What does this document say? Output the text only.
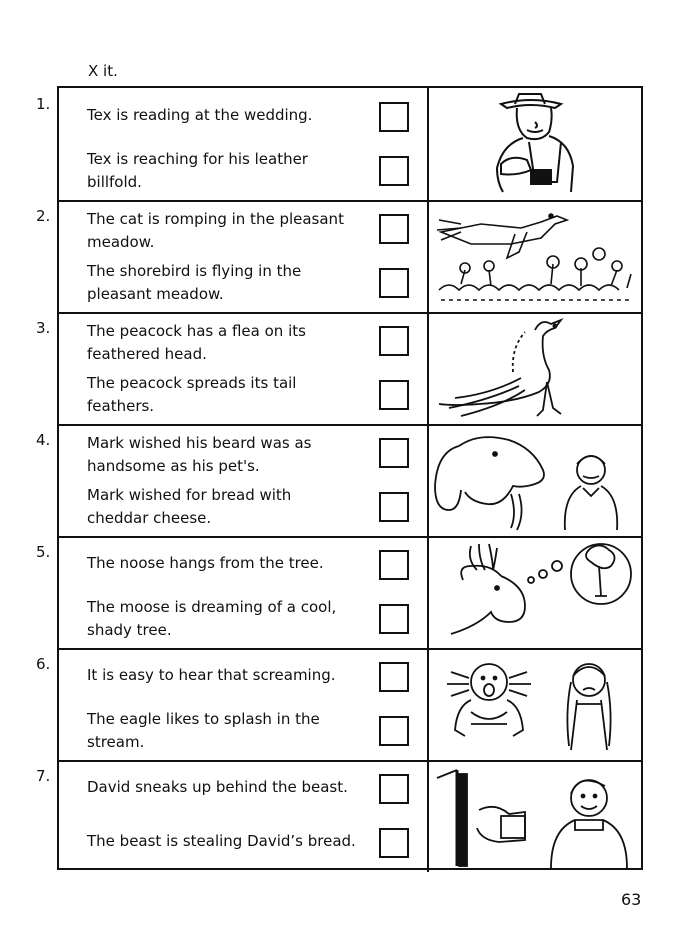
X it.
1.
2.
3.
4.
5.
6.
7.
Tex is reading at the wedding.
Tex is reaching for his leather billfold.
The cat is romping in the pleasant meadow.
The shorebird is flying in the pleasant meadow.
The peacock has a flea on its feathered head.
The peacock spreads its tail feathers.
Mark wished his beard was as handsome as his pet's.
Mark wished for bread with cheddar cheese.
The noose hangs from the tree.
The moose is dreaming of a cool, shady tree.
It is easy to hear that screaming.
The eagle likes to splash in the stream.
David sneaks up behind the beast.
The beast is stealing David’s bread.
63
